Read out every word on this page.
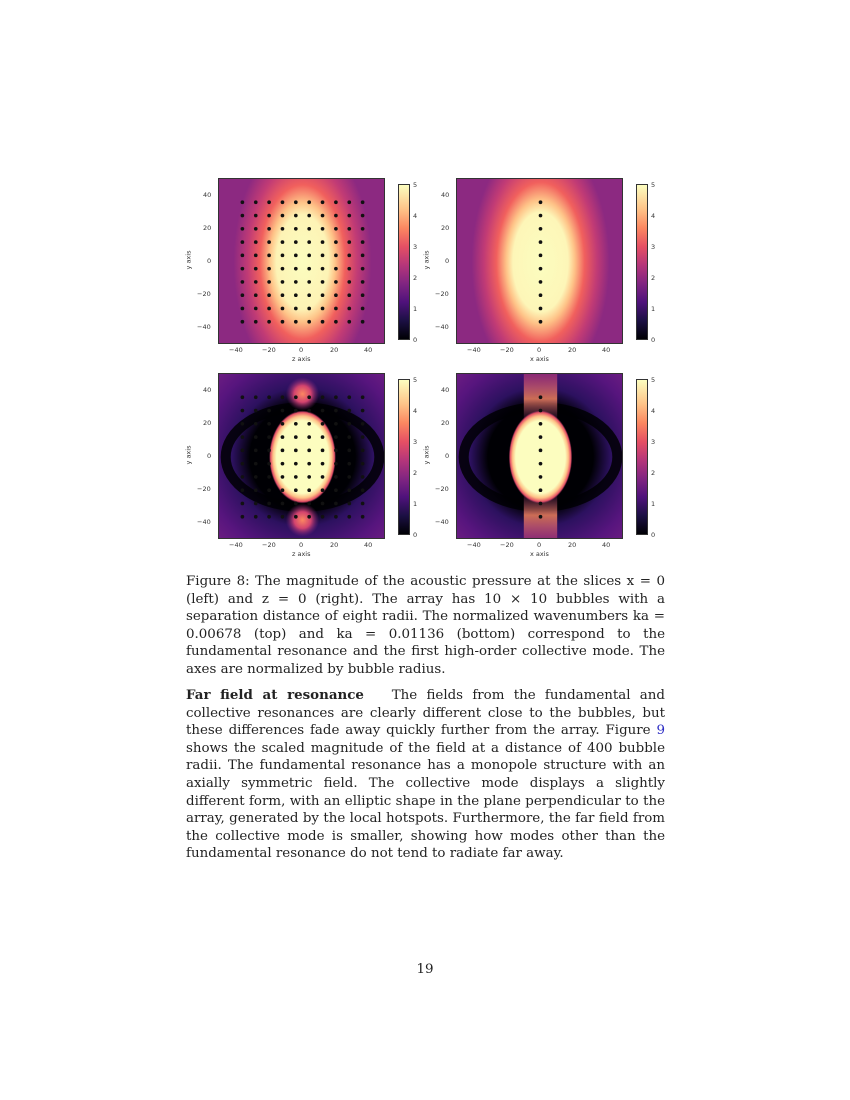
40
20
0
−20
−40
−40	−20	0	20	40
z axis
y axis
5
4
3
2
1
0
40
20
0
−20
−40
−40	−20	0	20	40
x axis
y axis
5
4
3
2
1
0
40
20
0
−20
−40
−40	−20	0	20	40
z axis
y axis
5
4
3
2
1
0
40
20
0
−20
−40
−40	−20	0	20	40
x axis
y axis
5
4
3
2
1
0
Figure 8: The magnitude of the acoustic pressure at the slices x = 0 (left) and z = 0 (right). The array has 10 × 10 bubbles with a separation distance of eight radii. The normalized wavenumbers ka = 0.00678 (top) and ka = 0.01136 (bottom) correspond to the fundamental resonance and the first high-order collective mode. The axes are normalized by bubble radius.
Far field at resonance The fields from the fundamental and collective resonances are clearly different close to the bubbles, but these differences fade away quickly further from the array. Figure 9 shows the scaled magnitude of the field at a distance of 400 bubble radii. The fundamental resonance has a monopole structure with an axially symmetric field. The collective mode displays a slightly different form, with an elliptic shape in the plane perpendicular to the array, generated by the local hotspots. Furthermore, the far field from the collective mode is smaller, showing how modes other than the fundamental resonance do not tend to radiate far away.
19
